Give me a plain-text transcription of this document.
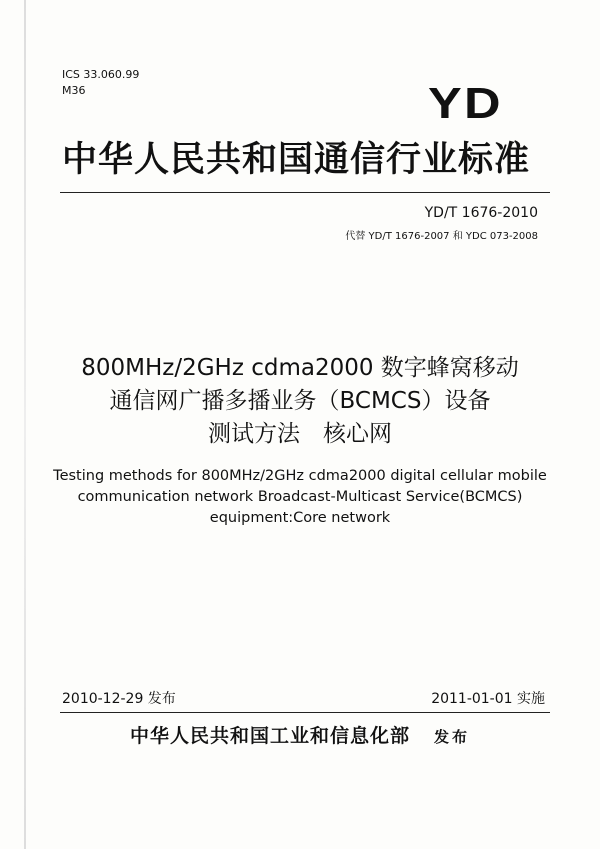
ICS 33.060.99
M36	YD
中华人民共和国通信行业标准
YD/T 1676-2010
代替 YD/T 1676-2007 和 YDC 073-2008
800MHz/2GHz cdma2000 数字蜂窝移动
通信网广播多播业务（BCMCS）设备
测试方法　核心网
Testing methods for 800MHz/2GHz cdma2000 digital cellular mobile
communication network Broadcast-Multicast Service(BCMCS)
equipment:Core network
2010-12-29 发布	2011-01-01 实施
中华人民共和国工业和信息化部 发布
